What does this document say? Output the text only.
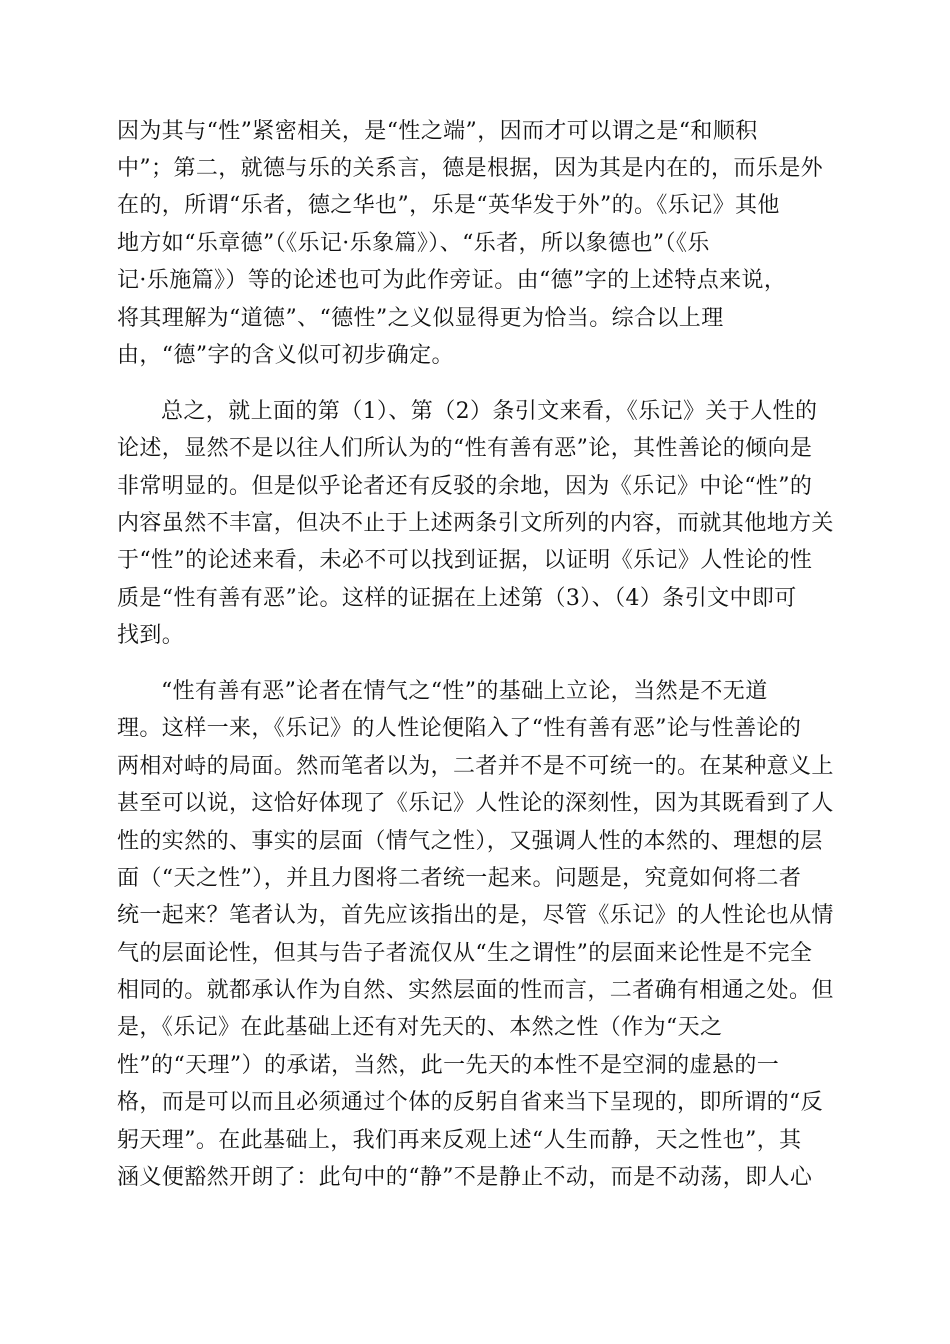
因为其与“性”紧密相关，是“性之端”，因而才可以谓之是“和顺积
中”；第二，就德与乐的关系言，德是根据，因为其是内在的，而乐是外
在的，所谓“乐者，德之华也”，乐是“英华发于外”的。《乐记》其他
地方如“乐章德”（《乐记·乐象篇》）、“乐者，所以象德也”（《乐
记·乐施篇》）等的论述也可为此作旁证。由“德”字的上述特点来说，
将其理解为“道德”、“德性”之义似显得更为恰当。综合以上理
由，“德”字的含义似可初步确定。
总之，就上面的第（1）、第（2）条引文来看，《乐记》关于人性的
论述，显然不是以往人们所认为的“性有善有恶”论，其性善论的倾向是
非常明显的。但是似乎论者还有反驳的余地，因为《乐记》中论“性”的
内容虽然不丰富，但决不止于上述两条引文所列的内容，而就其他地方关
于“性”的论述来看，未必不可以找到证据，以证明《乐记》人性论的性
质是“性有善有恶”论。这样的证据在上述第（3）、（4）条引文中即可
找到。
“性有善有恶”论者在情气之“性”的基础上立论，当然是不无道
理。这样一来，《乐记》的人性论便陷入了“性有善有恶”论与性善论的
两相对峙的局面。然而笔者以为，二者并不是不可统一的。在某种意义上
甚至可以说，这恰好体现了《乐记》人性论的深刻性，因为其既看到了人
性的实然的、事实的层面（情气之性），又强调人性的本然的、理想的层
面（“天之性”），并且力图将二者统一起来。问题是，究竟如何将二者
统一起来？笔者认为，首先应该指出的是，尽管《乐记》的人性论也从情
气的层面论性，但其与告子者流仅从“生之谓性”的层面来论性是不完全
相同的。就都承认作为自然、实然层面的性而言，二者确有相通之处。但
是，《乐记》在此基础上还有对先天的、本然之性（作为“天之
性”的“天理”）的承诺，当然，此一先天的本性不是空洞的虚悬的一
格，而是可以而且必须通过个体的反躬自省来当下呈现的，即所谓的“反
躬天理”。在此基础上，我们再来反观上述“人生而静，天之性也”，其
涵义便豁然开朗了：此句中的“静”不是静止不动，而是不动荡，即人心
